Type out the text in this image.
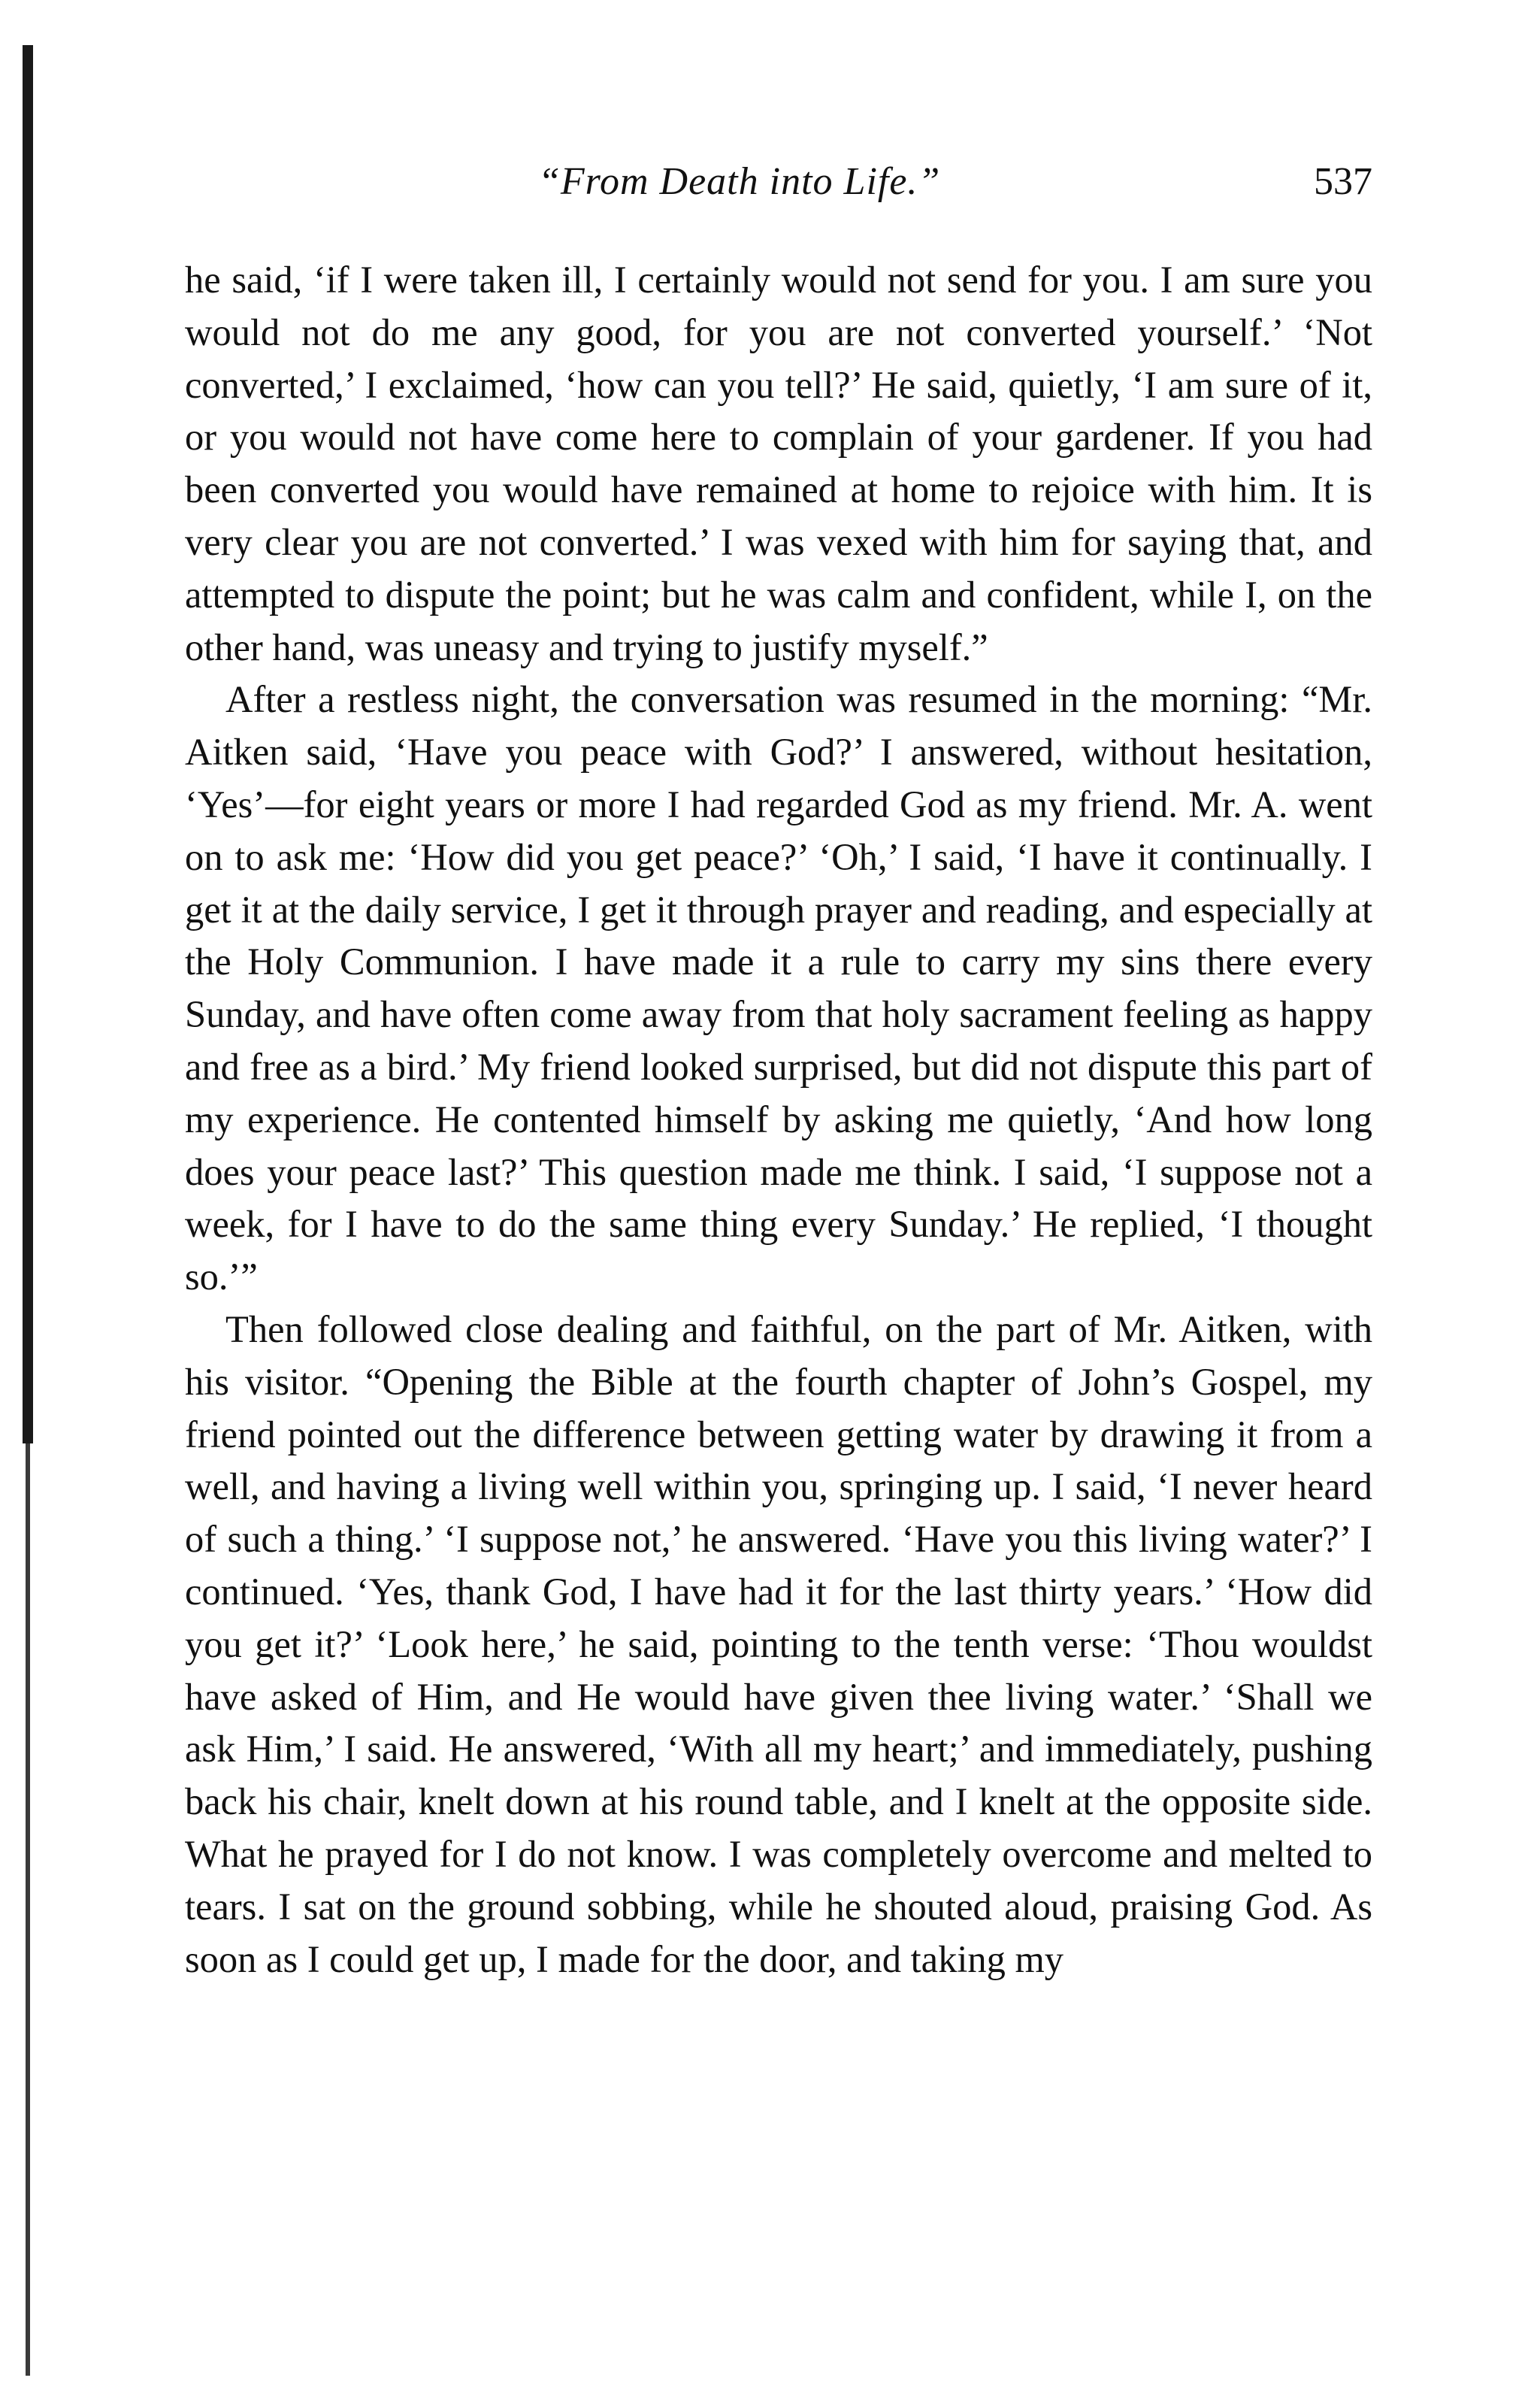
“From Death into Life.”	537

he said, ‘if I were taken ill, I certainly would not send for you. I am sure you would not do me any good, for you are not converted yourself.’ ‘Not converted,’ I exclaimed, ‘how can you tell?’ He said, quietly, ‘I am sure of it, or you would not have come here to complain of your gardener. If you had been converted you would have remained at home to rejoice with him. It is very clear you are not converted.’ I was vexed with him for saying that, and attempted to dispute the point; but he was calm and confident, while I, on the other hand, was uneasy and trying to justify myself.”

After a restless night, the conversation was resumed in the morning: “Mr. Aitken said, ‘Have you peace with God?’ I answered, without hesitation, ‘Yes’—for eight years or more I had regarded God as my friend. Mr. A. went on to ask me: ‘How did you get peace?’ ‘Oh,’ I said, ‘I have it continually. I get it at the daily service, I get it through prayer and reading, and especially at the Holy Communion. I have made it a rule to carry my sins there every Sunday, and have often come away from that holy sacrament feeling as happy and free as a bird.’ My friend looked surprised, but did not dispute this part of my experience. He contented himself by asking me quietly, ‘And how long does your peace last?’ This question made me think. I said, ‘I suppose not a week, for I have to do the same thing every Sunday.’ He replied, ‘I thought so.’”

Then followed close dealing and faithful, on the part of Mr. Aitken, with his visitor. “Opening the Bible at the fourth chapter of John’s Gospel, my friend pointed out the difference between getting water by drawing it from a well, and having a living well within you, springing up. I said, ‘I never heard of such a thing.’ ‘I suppose not,’ he answered. ‘Have you this living water?’ I continued. ‘Yes, thank God, I have had it for the last thirty years.’ ‘How did you get it?’ ‘Look here,’ he said, pointing to the tenth verse: ‘Thou wouldst have asked of Him, and He would have given thee living water.’ ‘Shall we ask Him,’ I said. He answered, ‘With all my heart;’ and immediately, pushing back his chair, knelt down at his round table, and I knelt at the opposite side. What he prayed for I do not know. I was completely overcome and melted to tears. I sat on the ground sobbing, while he shouted aloud, praising God. As soon as I could get up, I made for the door, and taking my
